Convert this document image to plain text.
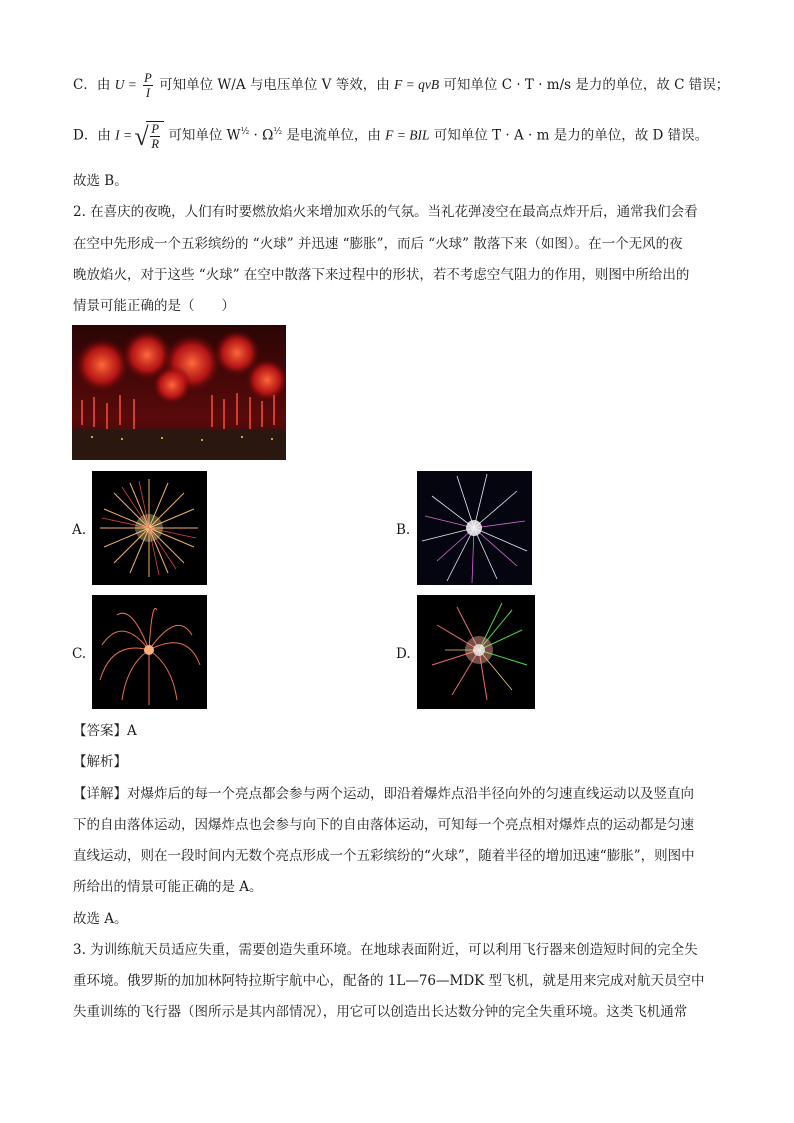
C．由 $U = \frac{P}{I}$ 可知单位 W/A 与电压单位 V 等效，由 F = qvB 可知单位 C · T · m/s 是力的单位，故 C 错误；
D．由 I =
√ $\frac{P}{R}$ 可知单位 $W^{\frac{1}{2}} \cdot \Omega^{\frac{1}{2}}$ 是电流单位，由 F = BIL 可知单位 T · A · m 是力的单位，故 D 错误。
故选 B。
2. 在喜庆的夜晚，人们有时要燃放焰火来增加欢乐的气氛。当礼花弹凌空在最高点炸开后，通常我们会看
在空中先形成一个五彩缤纷的 “火球” 并迅速 “膨胀”，而后 “火球” 散落下来（如图）。在一个无风的夜
晚放焰火，对于这些 “火球” 在空中散落下来过程中的形状，若不考虑空气阻力的作用，则图中所给出的
情景可能正确的是（　　）
A.	B.
C.	D.
【答案】A
【解析】
【详解】对爆炸后的每一个亮点都会参与两个运动，即沿着爆炸点沿半径向外的匀速直线运动以及竖直向
下的自由落体运动，因爆炸点也会参与向下的自由落体运动，可知每一个亮点相对爆炸点的运动都是匀速
直线运动，则在一段时间内无数个亮点形成一个五彩缤纷的“火球”，随着半径的增加迅速“膨胀”，则图中
所给出的情景可能正确的是 A。
故选 A。
3. 为训练航天员适应失重，需要创造失重环境。在地球表面附近，可以利用飞行器来创造短时间的完全失
重环境。俄罗斯的加加林阿特拉斯宇航中心，配备的 1L—76—MDK 型飞机，就是用来完成对航天员空中
失重训练的飞行器（图所示是其内部情况），用它可以创造出长达数分钟的完全失重环境。这类飞机通常
